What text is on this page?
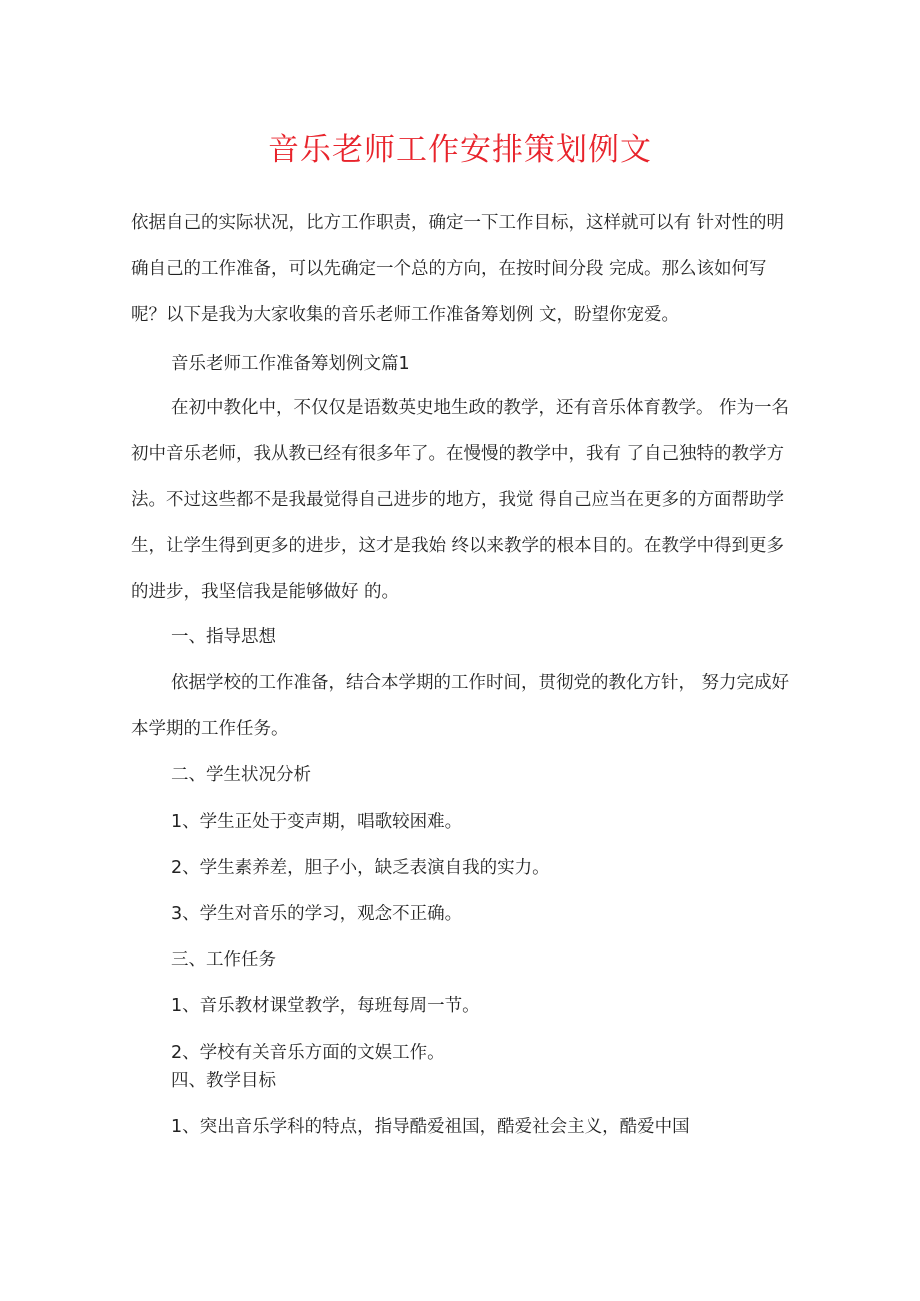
音乐老师工作安排策划例文

依据自己的实际状况，比方工作职责，确定一下工作目标，这样就可以有 针对性的明确自己的工作准备，可以先确定一个总的方向，在按时间分段 完成。那么该如何写呢？以下是我为大家收集的音乐老师工作准备筹划例 文，盼望你宠爱。

音乐老师工作准备筹划例文篇1

在初中教化中，不仅仅是语数英史地生政的教学，还有音乐体育教学。 作为一名初中音乐老师，我从教已经有很多年了。在慢慢的教学中，我有 了自己独特的教学方法。不过这些都不是我最觉得自己进步的地方，我觉 得自己应当在更多的方面帮助学生，让学生得到更多的进步，这才是我始 终以来教学的根本目的。在教学中得到更多的进步，我坚信我是能够做好 的。

一、指导思想

依据学校的工作准备，结合本学期的工作时间，贯彻党的教化方针， 努力完成好本学期的工作任务。

二、学生状况分析

1、学生正处于变声期，唱歌较困难。

2、学生素养差，胆子小，缺乏表演自我的实力。

3、学生对音乐的学习，观念不正确。

三、工作任务

1、音乐教材课堂教学，每班每周一节。

2、学校有关音乐方面的文娱工作。

四、教学目标

1、突出音乐学科的特点，指导酷爱祖国，酷爱社会主义，酷爱中国
